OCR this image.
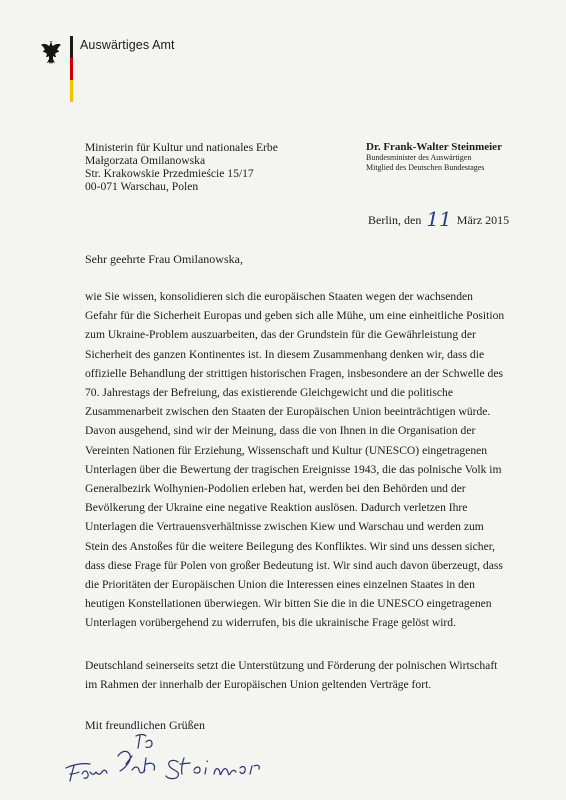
Auswärtiges Amt
Ministerin für Kultur und nationales Erbe
Małgorzata Omilanowska
Str. Krakowskie Przedmieście 15/17
00-071 Warschau, Polen
Dr. Frank-Walter Steinmeier
Bundesminister des Auswärtigen
Mitglied des Deutschen Bundestages
Berlin, den 11 März 2015
Sehr geehrte Frau Omilanowska,
wie Sie wissen, konsolidieren sich die europäischen Staaten wegen der wachsenden
Gefahr für die Sicherheit Europas und geben sich alle Mühe, um eine einheitliche Position
zum Ukraine-Problem auszuarbeiten, das der Grundstein für die Gewährleistung der
Sicherheit des ganzen Kontinentes ist. In diesem Zusammenhang denken wir, dass die
offizielle Behandlung der strittigen historischen Fragen, insbesondere an der Schwelle des
70. Jahrestags der Befreiung, das existierende Gleichgewicht und die politische
Zusammenarbeit zwischen den Staaten der Europäischen Union beeinträchtigen würde.
Davon ausgehend, sind wir der Meinung, dass die von Ihnen in die Organisation der
Vereinten Nationen für Erziehung, Wissenschaft und Kultur (UNESCO) eingetragenen
Unterlagen über die Bewertung der tragischen Ereignisse 1943, die das polnische Volk im
Generalbezirk Wolhynien-Podolien erleben hat, werden bei den Behörden und der
Bevölkerung der Ukraine eine negative Reaktion auslösen. Dadurch verletzen Ihre
Unterlagen die Vertrauensverhältnisse zwischen Kiew und Warschau und werden zum
Stein des Anstoßes für die weitere Beilegung des Konfliktes. Wir sind uns dessen sicher,
dass diese Frage für Polen von großer Bedeutung ist. Wir sind auch davon überzeugt, dass
die Prioritäten der Europäischen Union die Interessen eines einzelnen Staates in den
heutigen Konstellationen überwiegen. Wir bitten Sie die in die UNESCO eingetragenen
Unterlagen vorübergehend zu widerrufen, bis die ukrainische Frage gelöst wird.
Deutschland seinerseits setzt die Unterstützung und Förderung der polnischen Wirtschaft
im Rahmen der innerhalb der Europäischen Union geltenden Verträge fort.
Mit freundlichen Grüßen
